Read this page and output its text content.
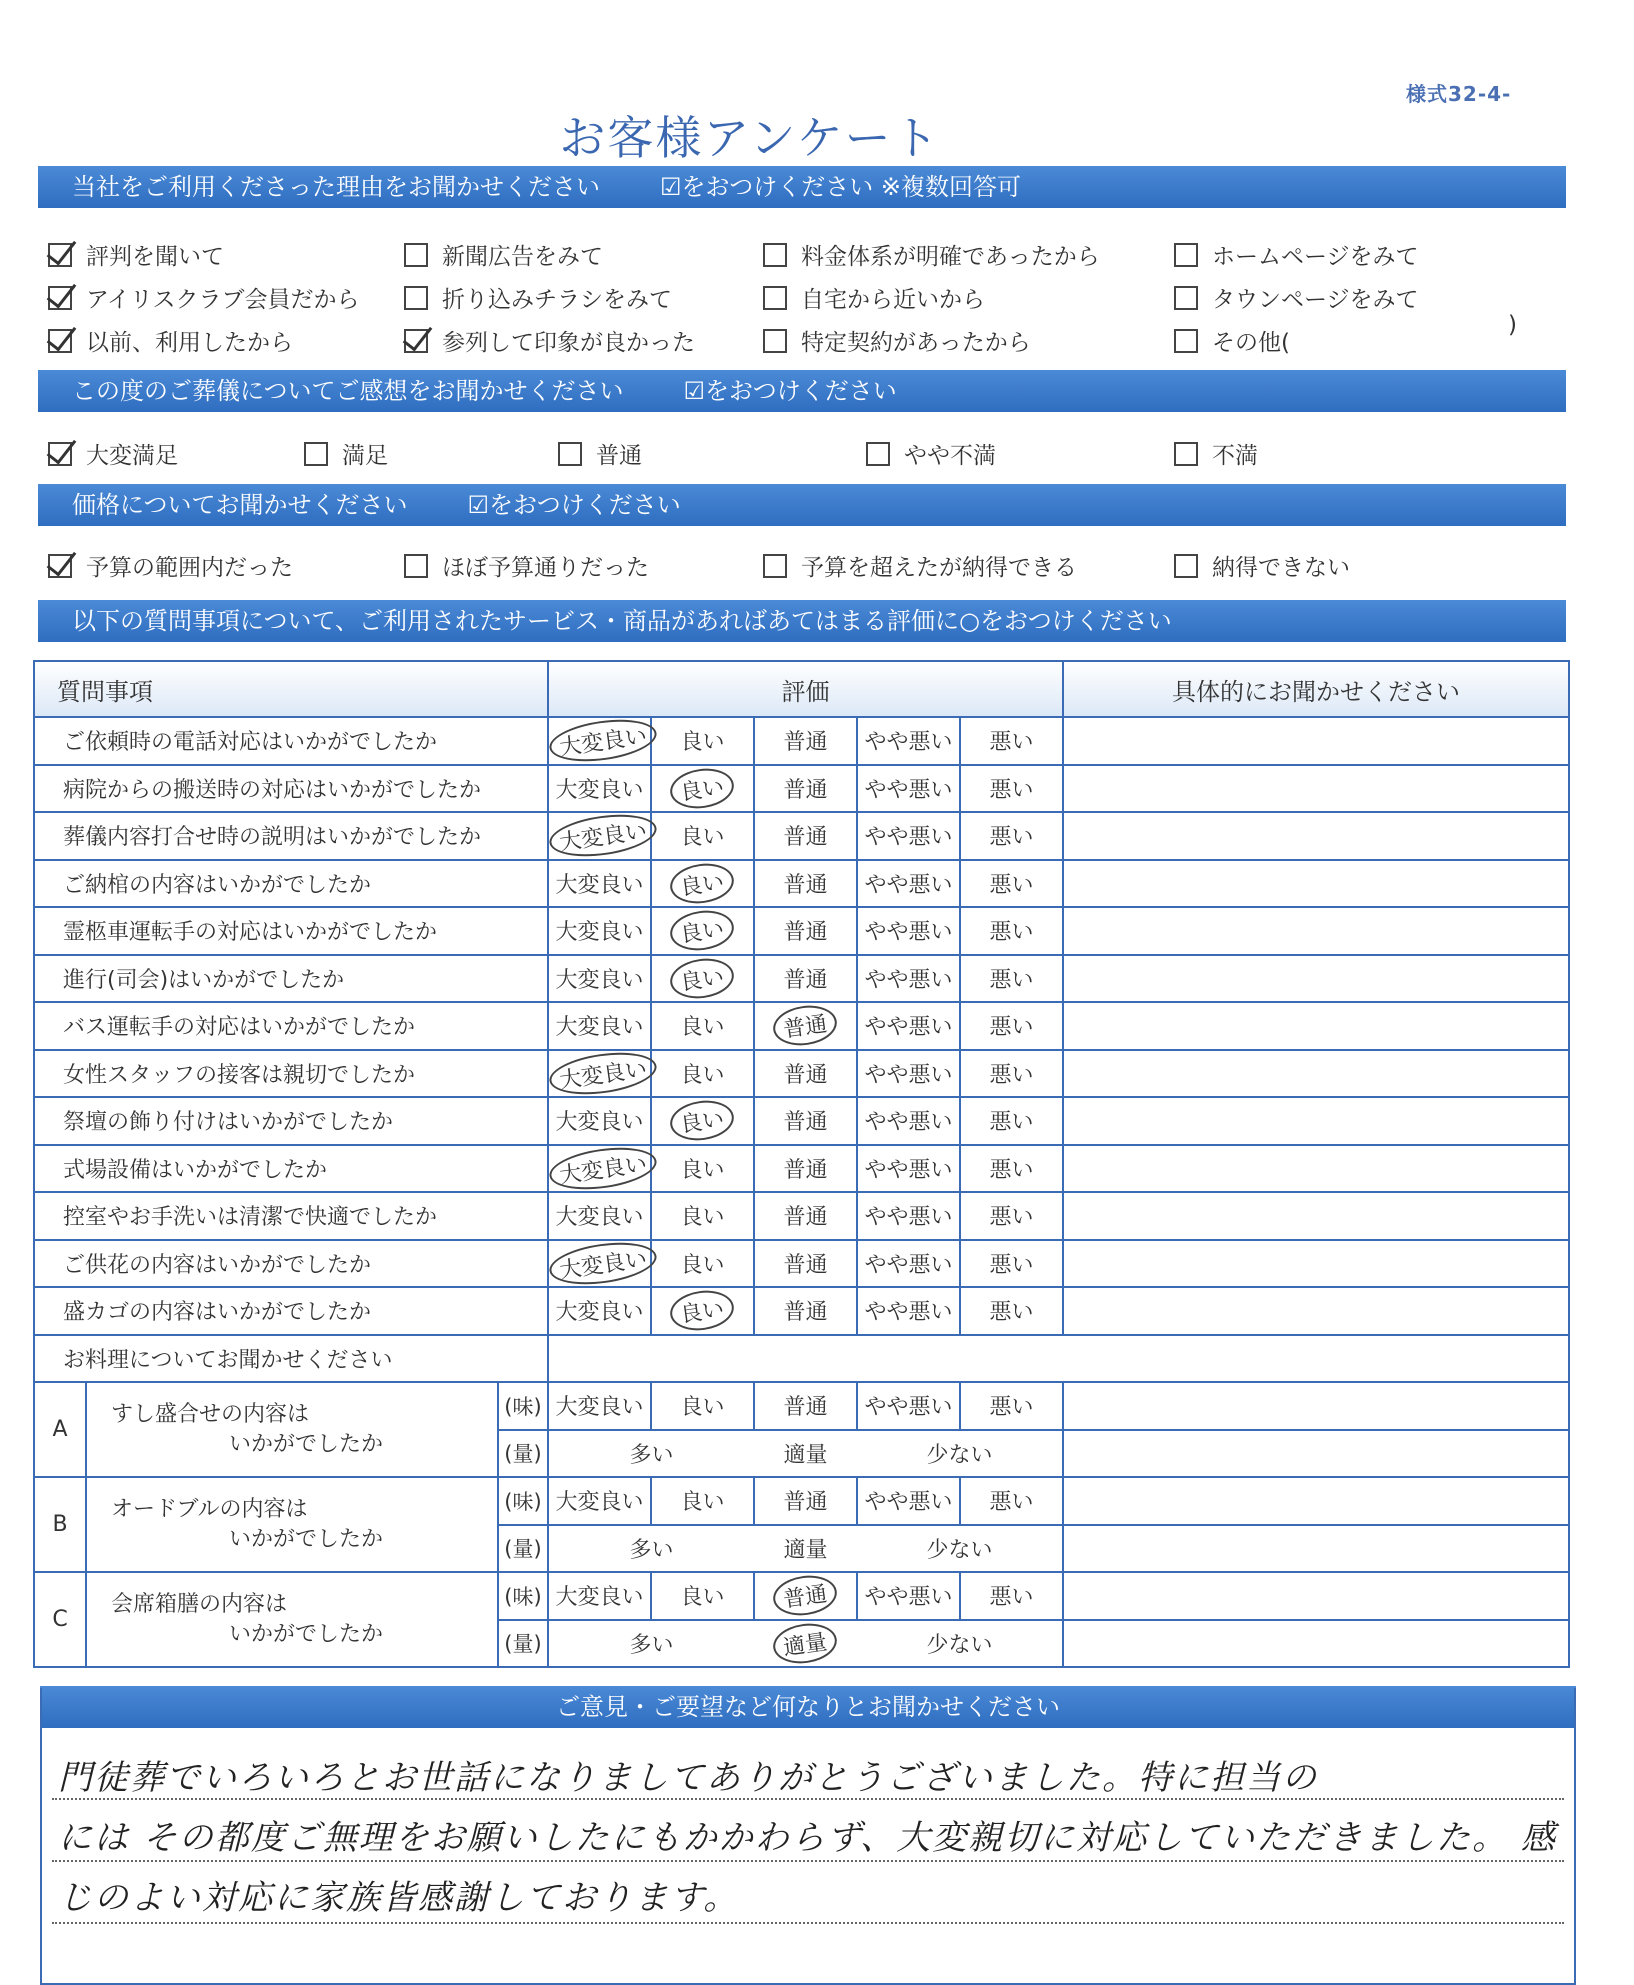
様式32-4-
お客様アンケート
当社をご利用くださった理由をお聞かせください	☑をおつけください ※複数回答可
この度のご葬儀についてご感想をお聞かせください	☑をおつけください
価格についてお聞かせください	☑をおつけください
以下の質問事項について、ご利用されたサービス・商品があればあてはまる評価に○をおつけください
質問事項			評価					具体的にお聞かせください
ご依頼時の電話対応はいかがでしたか			大変良い	良い	普通	やや悪い	悪い	
病院からの搬送時の対応はいかがでしたか			大変良い	良い	普通	やや悪い	悪い	
葬儀内容打合せ時の説明はいかがでしたか			大変良い	良い	普通	やや悪い	悪い	
ご納棺の内容はいかがでしたか			大変良い	良い	普通	やや悪い	悪い	
霊柩車運転手の対応はいかがでしたか			大変良い	良い	普通	やや悪い	悪い	
進行(司会)はいかがでしたか			大変良い	良い	普通	やや悪い	悪い	
バス運転手の対応はいかがでしたか			大変良い	良い	普通	やや悪い	悪い	
女性スタッフの接客は親切でしたか			大変良い	良い	普通	やや悪い	悪い	
祭壇の飾り付けはいかがでしたか			大変良い	良い	普通	やや悪い	悪い	
式場設備はいかがでしたか			大変良い	良い	普通	やや悪い	悪い	
控室やお手洗いは清潔で快適でしたか			大変良い	良い	普通	やや悪い	悪い	
ご供花の内容はいかがでしたか			大変良い	良い	普通	やや悪い	悪い	
盛カゴの内容はいかがでしたか			大変良い	良い	普通	やや悪い	悪い	
お料理についてお聞かせください								
A	すし盛合せの内容は
いかがでしたか	(味)	大変良い	良い	普通	やや悪い	悪い	
		(量)	多い		適量	少ない		
B	オードブルの内容は
いかがでしたか	(味)	大変良い	良い	普通	やや悪い	悪い	
		(量)	多い		適量	少ない		
C	会席箱膳の内容は
いかがでしたか	(味)	大変良い	良い	普通	やや悪い	悪い	
		(量)	多い		適量	少ない		
ご意見・ご要望など何なりとお聞かせください
門徒葬でいろいろとお世話になりましてありがとうございました。特に担当の　　　　　　　には その都度ご無理をお願いしたにもかかわらず、大変親切に対応していただきました。 感じのよい対応に家族皆感謝しております。
評判を聞いて	新聞広告をみて	料金体系が明確であったから	ホームページをみて
アイリスクラブ会員だから	折り込みチラシをみて	自宅から近いから	タウンページをみて
以前、利用したから	参列して印象が良かった	特定契約があったから	その他(
)
大変満足	満足	普通	やや不満	不満
予算の範囲内だった	ほぼ予算通りだった	予算を超えたが納得できる	納得できない
